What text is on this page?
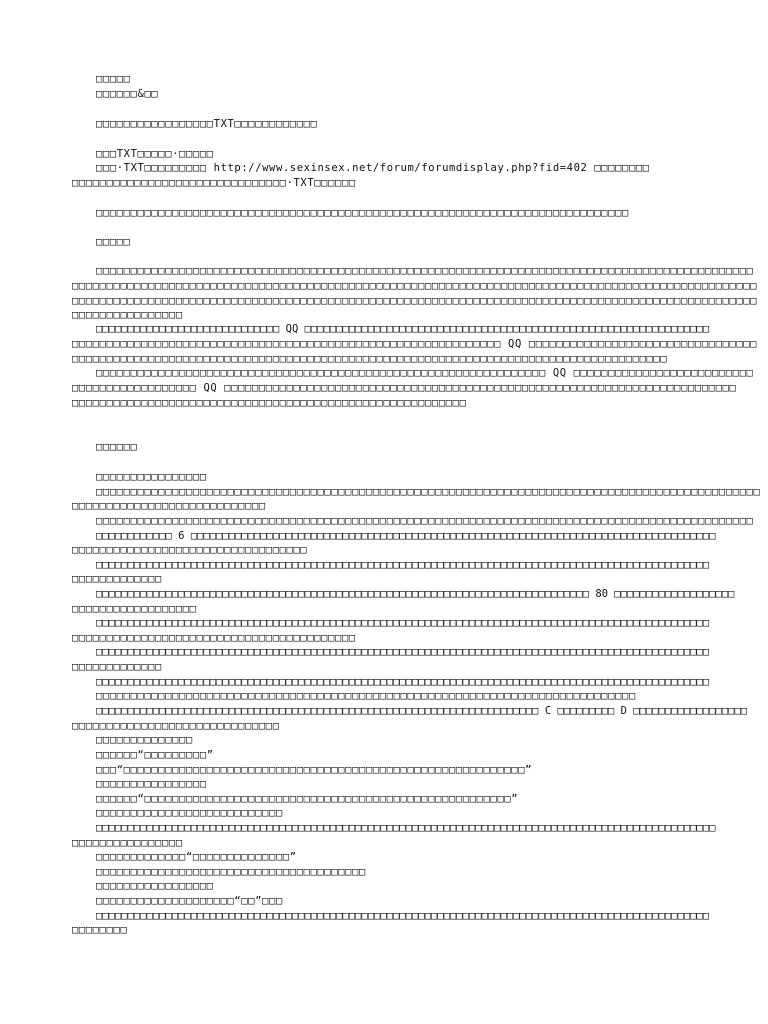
□□□□□
□□□□□□&□□
□□□□□□□□□□□□□□□□□TXT□□□□□□□□□□□□
□□□TXT□□□□□·□□□□□
□□□·TXT□□□□□□□□□ http://www.sexinsex.net/forum/forumdisplay.php?fid=402 □□□□□□□□
□□□□□□□□□□□□□□□□□□□□□□□□□□□□□□□·TXT□□□□□□
□□□□□□□□□□□□□□□□□□□□□□□□□□□□□□□□□□□□□□□□□□□□□□□□□□□□□□□□□□□□□□□□□□□□□□□□□□□□□
□□□□□
□□□□□□□□□□□□□□□□□□□□□□□□□□□□□□□□□□□□□□□□□□□□□□□□□□□□□□□□□□□□□□□□□□□□□□□□□□□□□□□□□□□□□□□□□□□□□□□
□□□□□□□□□□□□□□□□□□□□□□□□□□□□□□□□□□□□□□□□□□□□□□□□□□□□□□□□□□□□□□□□□□□□□□□□□□□□□□□□□□□□□□□□□□□□□□□□□□□
□□□□□□□□□□□□□□□□□□□□□□□□□□□□□□□□□□□□□□□□□□□□□□□□□□□□□□□□□□□□□□□□□□□□□□□□□□□□□□□□□□□□□□□□□□□□□□□□□□□
□□□□□□□□□□□□□□□□
□□□□□□□□□□□□□□□□□□□□□□□□□□□□□ QQ □□□□□□□□□□□□□□□□□□□□□□□□□□□□□□□□□□□□□□□□□□□□□□□□□□□□□□□□□□□□□□□□
□□□□□□□□□□□□□□□□□□□□□□□□□□□□□□□□□□□□□□□□□□□□□□□□□□□□□□□□□□□□□□ QQ □□□□□□□□□□□□□□□□□□□□□□□□□□□□□□□□□
□□□□□□□□□□□□□□□□□□□□□□□□□□□□□□□□□□□□□□□□□□□□□□□□□□□□□□□□□□□□□□□□□□□□□□□□□□□□□□□□□□□□□□
□□□□□□□□□□□□□□□□□□□□□□□□□□□□□□□□□□□□□□□□□□□□□□□□□□□□□□□□□□□□□□□□□ QQ □□□□□□□□□□□□□□□□□□□□□□□□□□
□□□□□□□□□□□□□□□□□□ QQ □□□□□□□□□□□□□□□□□□□□□□□□□□□□□□□□□□□□□□□□□□□□□□□□□□□□□□□□□□□□□□□□□□□□□□□□□□
□□□□□□□□□□□□□□□□□□□□□□□□□□□□□□□□□□□□□□□□□□□□□□□□□□□□□□□□□
□□□□□□
□□□□□□□□□□□□□□□□
□□□□□□□□□□□□□□□□□□□□□□□□□□□□□□□□□□□□□□□□□□□□□□□□□□□□□□□□□□□□□□□□□□□□□□□□□□□□□□□□□□□□□□□□□□□□□□□□
□□□□□□□□□□□□□□□□□□□□□□□□□□□□
□□□□□□□□□□□□□□□□□□□□□□□□□□□□□□□□□□□□□□□□□□□□□□□□□□□□□□□□□□□□□□□□□□□□□□□□□□□□□□□□□□□□□□□□□□□□□□□
□□□□□□□□□□□□ 6 □□□□□□□□□□□□□□□□□□□□□□□□□□□□□□□□□□□□□□□□□□□□□□□□□□□□□□□□□□□□□□□□□□□□□□□□□□□□□□□□□□□
□□□□□□□□□□□□□□□□□□□□□□□□□□□□□□□□□□
□□□□□□□□□□□□□□□□□□□□□□□□□□□□□□□□□□□□□□□□□□□□□□□□□□□□□□□□□□□□□□□□□□□□□□□□□□□□□□□□□□□□□□□□□□□□□□□□□
□□□□□□□□□□□□□
□□□□□□□□□□□□□□□□□□□□□□□□□□□□□□□□□□□□□□□□□□□□□□□□□□□□□□□□□□□□□□□□□□□□□□□□□□□□□□ 80 □□□□□□□□□□□□□□□□□□□
□□□□□□□□□□□□□□□□□□
□□□□□□□□□□□□□□□□□□□□□□□□□□□□□□□□□□□□□□□□□□□□□□□□□□□□□□□□□□□□□□□□□□□□□□□□□□□□□□□□□□□□□□□□□□□□□□□□□
□□□□□□□□□□□□□□□□□□□□□□□□□□□□□□□□□□□□□□□□□
□□□□□□□□□□□□□□□□□□□□□□□□□□□□□□□□□□□□□□□□□□□□□□□□□□□□□□□□□□□□□□□□□□□□□□□□□□□□□□□□□□□□□□□□□□□□□□□□□
□□□□□□□□□□□□□
□□□□□□□□□□□□□□□□□□□□□□□□□□□□□□□□□□□□□□□□□□□□□□□□□□□□□□□□□□□□□□□□□□□□□□□□□□□□□□□□□□□□□□□□□□□□□□□□□
□□□□□□□□□□□□□□□□□□□□□□□□□□□□□□□□□□□□□□□□□□□□□□□□□□□□□□□□□□□□□□□□□□□□□□□□□□□□□□
□□□□□□□□□□□□□□□□□□□□□□□□□□□□□□□□□□□□□□□□□□□□□□□□□□□□□□□□□□□□□□□□□□□□□□ C □□□□□□□□□ D □□□□□□□□□□□□□□□□□□
□□□□□□□□□□□□□□□□□□□□□□□□□□□□□□
□□□□□□□□□□□□□□
□□□□□□“□□□□□□□□□”
□□□“□□□□□□□□□□□□□□□□□□□□□□□□□□□□□□□□□□□□□□□□□□□□□□□□□□□□□□□□□□”
□□□□□□□□□□□□□□□□
□□□□□□“□□□□□□□□□□□□□□□□□□□□□□□□□□□□□□□□□□□□□□□□□□□□□□□□□□□□□”
□□□□□□□□□□□□□□□□□□□□□□□□□□□
□□□□□□□□□□□□□□□□□□□□□□□□□□□□□□□□□□□□□□□□□□□□□□□□□□□□□□□□□□□□□□□□□□□□□□□□□□□□□□□□□□□□□□□□□□□□□□□□□□
□□□□□□□□□□□□□□□□
□□□□□□□□□□□□□“□□□□□□□□□□□□□□”
□□□□□□□□□□□□□□□□□□□□□□□□□□□□□□□□□□□□□□□
□□□□□□□□□□□□□□□□□
□□□□□□□□□□□□□□□□□□□□“□□”□□□
□□□□□□□□□□□□□□□□□□□□□□□□□□□□□□□□□□□□□□□□□□□□□□□□□□□□□□□□□□□□□□□□□□□□□□□□□□□□□□□□□□□□□□□□□□□□□□□□□
□□□□□□□□
